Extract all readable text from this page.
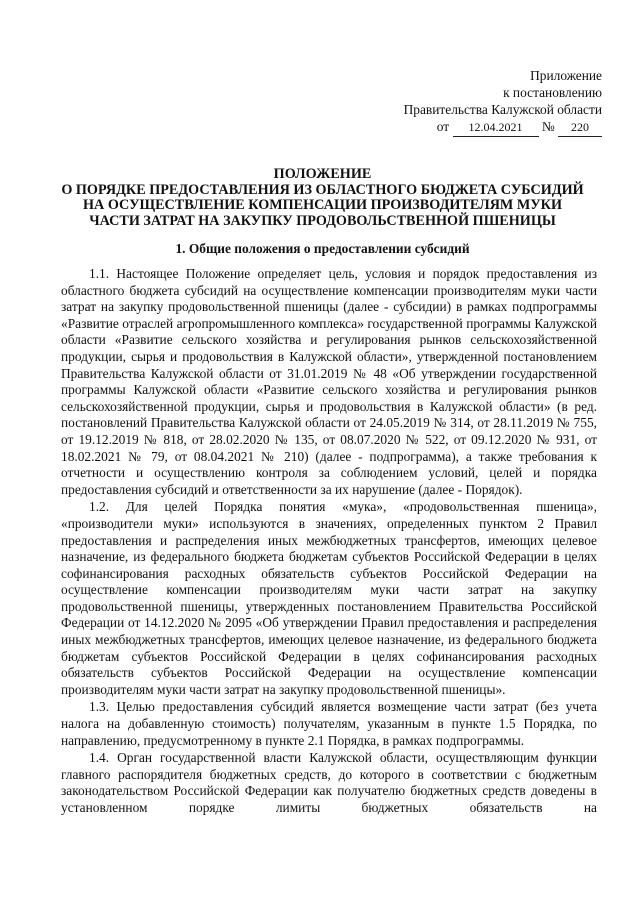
Приложение
к постановлению
Правительства Калужской области
от 12.04.2021 № 220
ПОЛОЖЕНИЕ
О ПОРЯДКЕ ПРЕДОСТАВЛЕНИЯ ИЗ ОБЛАСТНОГО БЮДЖЕТА СУБСИДИЙ
НА ОСУЩЕСТВЛЕНИЕ КОМПЕНСАЦИИ ПРОИЗВОДИТЕЛЯМ МУКИ
ЧАСТИ ЗАТРАТ НА ЗАКУПКУ ПРОДОВОЛЬСТВЕННОЙ ПШЕНИЦЫ
1. Общие положения о предоставлении субсидий

1.1. Настоящее Положение определяет цель, условия и порядок предоставления из областного бюджета субсидий на осуществление компенсации производителям муки части затрат на закупку продовольственной пшеницы (далее - субсидии) в рамках подпрограммы «Развитие отраслей агропромышленного комплекса» государственной программы Калужской области «Развитие сельского хозяйства и регулирования рынков сельскохозяйственной продукции, сырья и продовольствия в Калужской области», утвержденной постановлением Правительства Калужской области от 31.01.2019 № 48 «Об утверждении государственной программы Калужской области «Развитие сельского хозяйства и регулирования рынков сельскохозяйственной продукции, сырья и продовольствия в Калужской области» (в ред. постановлений Правительства Калужской области от 24.05.2019 № 314, от 28.11.2019 № 755, от 19.12.2019 № 818, от 28.02.2020 № 135, от 08.07.2020 № 522, от 09.12.2020 № 931, от 18.02.2021 № 79, от 08.04.2021 № 210) (далее - подпрограмма), а также требования к отчетности и осуществлению контроля за соблюдением условий, целей и порядка предоставления субсидий и ответственности за их нарушение (далее - Порядок).

1.2. Для целей Порядка понятия «мука», «продовольственная пшеница», «производители муки» используются в значениях, определенных пунктом 2 Правил предоставления и распределения иных межбюджетных трансфертов, имеющих целевое назначение, из федерального бюджета бюджетам субъектов Российской Федерации в целях софинансирования расходных обязательств субъектов Российской Федерации на осуществление компенсации производителям муки части затрат на закупку продовольственной пшеницы, утвержденных постановлением Правительства Российской Федерации от 14.12.2020 № 2095 «Об утверждении Правил предоставления и распределения иных межбюджетных трансфертов, имеющих целевое назначение, из федерального бюджета бюджетам субъектов Российской Федерации в целях софинансирования расходных обязательств субъектов Российской Федерации на осуществление компенсации производителям муки части затрат на закупку продовольственной пшеницы».

1.3. Целью предоставления субсидий является возмещение части затрат (без учета налога на добавленную стоимость) получателям, указанным в пункте 1.5 Порядка, по направлению, предусмотренному в пункте 2.1 Порядка, в рамках подпрограммы.

1.4. Орган государственной власти Калужской области, осуществляющим функции главного распорядителя бюджетных средств, до которого в соответствии с бюджетным законодательством Российской Федерации как получателю бюджетных средств доведены в установленном порядке лимиты бюджетных обязательств на
